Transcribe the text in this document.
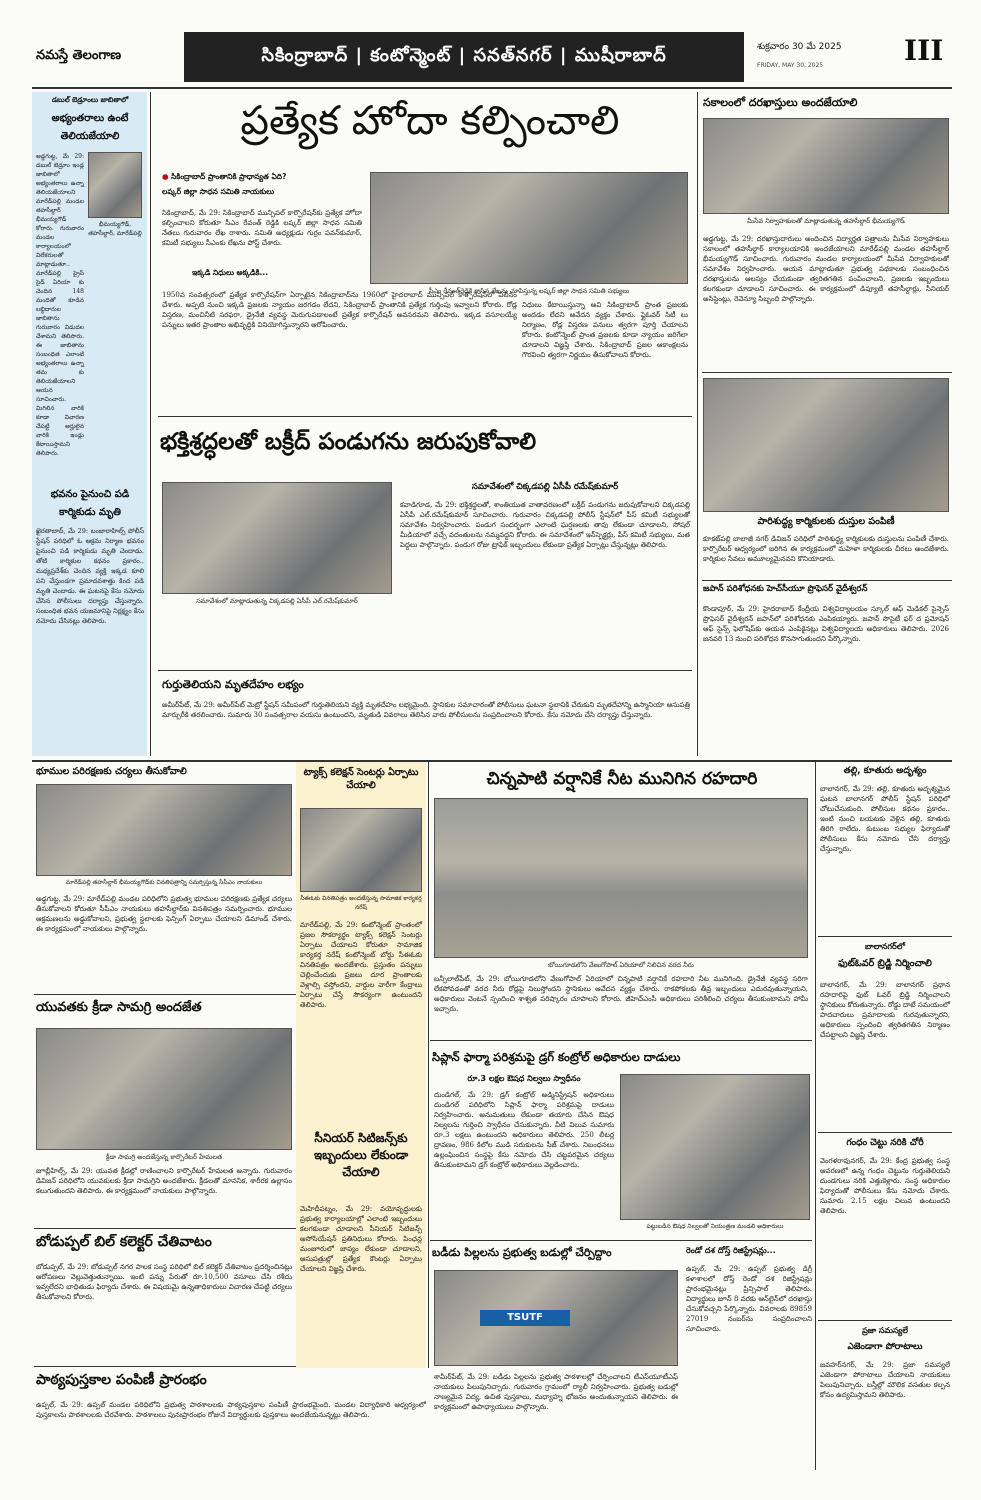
నమస్తే తెలంగాణ	సికింద్రాబాద్ | కంటోన్మెంట్ | సనత్‌నగర్ | ముషీరాబాద్	శుక్రవారం 30 మే 2025
FRIDAY, MAY 30, 2025	III
డబుల్ బెడ్రూంలు జాబితాలో
అభ్యంతరాలు ఉంటే
తెలియజేయాలి
భీమయ్యగౌడ్, తహసీల్దార్, మారేడ్‌పల్లి
అడ్డగుట్ట, మే 29: డబుల్ బెడ్రూం ఇండ్ల జాబితాలో అభ్యంతరాలు ఉన్నా తెలియజేయాలని మారేడ్‌పల్లి మండల తహసీల్దార్ భీమయ్యగౌడ్ కోరారు. గురువారం మండల కార్యాలయంలో విలేకరులతో మాట్లాడుతూ.. మారేడ్‌పల్లి ప్రైస్ సైడ్ ఏరియా కు చెందిన 148 మందితో కూడిన లబ్ధిదారుల జాబితాను గురువారం విడుదల చేశామని తెలిపారు. ఈ జాబితాను సంబంధిత ఎలాంటి అభ్యంతరాలు ఉన్నా తమ కు తెలియజేయాలని ఆయన సూచించారు. మిగిలిన వారికి కూడా విచారణ చేపట్టి అర్హులైన వారికి ఇండ్లు కేటాయిస్తామని తెలిపారు.
భవనం పైనుంచి పడి
కార్మికుడు మృతి
ఖైరతాబాద్, మే 29: బంజారాహిల్స్ పోలీస్ స్టేషన్ పరిధిలో ఓ ఆక్రమ నిర్మాణ భవనం పైనుంచి పడి కార్మికుడు మృతి చెందాడు. తోటి కార్మికుల కథనం ప్రకారం.. మధ్యప్రదేశ్‌కు చెందిన వ్యక్తి ఇక్కడ కూలి పని చేస్తుండగా ప్రమాదవశాత్తు కింద పడి మృతి చెందాడు. ఈ ఘటనపై కేసు నమోదు చేసిన పోలీసులు దర్యాప్తు చేస్తున్నారు. సంబంధిత భవన యజమానిపై నిర్లక్ష్యం కేసు నమోదు చేసినట్లు తెలిపారు.
ప్రత్యేక హోదా కల్పించాలి
● సికింద్రాబాద్ ప్రాంతానికి ప్రాధాన్యత ఏది?
లష్కర్ జిల్లా సాధన సమితి నాయకులు
సికింద్రాబాద్, మే 29: సికింద్రాబాద్ మున్సిపల్ కార్పొరేషన్‌కు ప్రత్యేక హోదా కల్పించాలని కోరుతూ సీఎం రేవంత్ రెడ్డికి లష్కర్ జిల్లా సాధన సమితి నేతలు గురువారం లేఖ రాశారు. సమితి అధ్యక్షుడు గుర్రం పవన్‌కుమార్, కమిటీ సభ్యులు సీఎంకు లేఖను పోస్ట్ చేశారు.
ఇక్కడి నిధులు అక్కడికి...
సీఎం రేవంత్‌రెడ్డికి రాసిన లేఖను చూపిస్తున్న లష్కర్ జిల్లా సాధన సమితి సభ్యులు
1950వ సంవత్సరంలో ప్రత్యేక కార్పొరేషన్‌గా ఏర్పాటైన సికింద్రాబాద్‌ను 1960లో హైదరాబాద్ మున్సిపల్ కార్పొరేషన్‌లో విలీనం చేశారు. అప్పటి నుంచి ఇక్కడి ప్రజలకు న్యాయం జరగడం లేదని, సికింద్రాబాద్ ప్రాంతానికి ప్రత్యేక గుర్తింపు ఇవ్వాలని కోరారు. రోడ్ల విస్తరణ, మంచినీటి సరఫరా, డ్రైనేజీ వ్యవస్థ మెరుగుపడాలంటే ప్రత్యేక కార్పొరేషన్ అవసరమని తెలిపారు. ఇక్కడ వసూలయ్యే పన్నులు ఇతర ప్రాంతాల అభివృద్ధికి వినియోగిస్తున్నారని ఆరోపించారు.
నిధులు కేటాయిస్తున్నా అవి సికింద్రాబాద్ ప్రాంత ప్రజలకు అందడం లేదని ఆవేదన వ్యక్తం చేశారు. ఫ్లైఓవర్ సిటీ లు నిర్మాణం, రోడ్ల విస్తరణ పనులు త్వరగా పూర్తి చేయాలని కోరారు. కంటోన్మెంట్ ప్రాంత ప్రజలకు కూడా న్యాయం జరిగేలా చూడాలని విజ్ఞప్తి చేశారు. సికింద్రాబాద్ ప్రజల ఆకాంక్షలను గౌరవించి త్వరగా నిర్ణయం తీసుకోవాలని కోరారు.
సకాలంలో దరఖాస్తులు అందజేయాలి
మీసేవ నిర్వాహకులతో మాట్లాడుతున్న తహసీల్దార్ భీమయ్యగౌడ్
అడ్డగుట్ట, మే 29: దరఖాస్తుదారులు అందించిన విద్యార్హత పత్రాలను మీసేవ నిర్వాహకులు సకాలంలో తహసీల్దార్ కార్యాలయానికి అందజేయాలని మారేడ్‌పల్లి మండల తహసీల్దార్ భీమయ్యగౌడ్ సూచించారు. గురువారం మండల కార్యాలయంలో మీసేవ నిర్వాహకులతో సమావేశం నిర్వహించారు. ఆయన మాట్లాడుతూ ప్రభుత్వ పథకాలకు సంబంధించిన దరఖాస్తులను ఆలస్యం చేయకుండా త్వరితగతిన పంపించాలని, ప్రజలకు ఇబ్బందులు కలగకుండా చూడాలని సూచించారు. ఈ కార్యక్రమంలో డిప్యూటీ తహసీల్దార్లు, సీనియర్ అసిస్టెంట్లు, రెవెన్యూ సిబ్బంది పాల్గొన్నారు.
పారిశుద్ధ్య కార్మికులకు దుస్తుల పంపిణీ
కూకట్‌పల్లి బాలాజీ నగర్ డివిజన్ పరిధిలో పారిశుద్ధ్య కార్మికులకు దుస్తులను పంపిణీ చేశారు. కార్పొరేటర్ ఆధ్వర్యంలో జరిగిన ఈ కార్యక్రమంలో మహిళా కార్మికులకు చీరలు అందజేశారు. కార్మికుల సేవలు అమూల్యమైనవని కొనియాడారు.
జపాన్ పరిశోధనకు హెచ్‌సీయూ ప్రొఫెసర్ వైదీశ్వరన్
కొండాపూర్, మే 29: హైదరాబాద్ కేంద్రీయ విశ్వవిద్యాలయం స్కూల్ ఆఫ్ మెడికల్ సైన్సెస్ ప్రొఫెసర్ వైదీశ్వరన్ జపాన్‌లో పరిశోధనకు ఎంపికయ్యారు. జపాన్ సొసైటీ ఫర్ ద ప్రమోషన్ ఆఫ్ సైన్స్ ఫెలోషిప్‌కు ఆయన ఎంపికైనట్లు విశ్వవిద్యాలయ అధికారులు తెలిపారు. 2026 జనవరి 13 నుంచి పరిశోధన కొనసాగుతుందని పేర్కొన్నారు.
భక్తిశ్రద్ధలతో బక్రీద్ పండుగను జరుపుకోవాలి
సమావేశంలో మాట్లాడుతున్న చిక్కడపల్లి ఏసీపీ ఎల్.రమేష్‌కుమార్
సమావేశంలో చిక్కడపల్లి ఏసీపీ రమేష్‌కుమార్
కవాడిగూడ, మే 29: భక్తిశ్రద్ధలతో, శాంతియుత వాతావరణంలో బక్రీద్ పండుగను జరుపుకోవాలని చిక్కడపల్లి ఏసీపీ ఎల్.రమేష్‌కుమార్ సూచించారు. గురువారం చిక్కడపల్లి పోలీస్ స్టేషన్‌లో పీస్ కమిటీ సభ్యులతో సమావేశం నిర్వహించారు. పండుగ సందర్భంగా ఎలాంటి ఘర్షణలకు తావు లేకుండా చూడాలని, సోషల్ మీడియాలో వచ్చే వదంతులను నమ్మవద్దని కోరారు. ఈ సమావేశంలో ఇన్‌స్పెక్టర్లు, పీస్ కమిటీ సభ్యులు, మత పెద్దలు పాల్గొన్నారు. పండుగ రోజు ట్రాఫిక్ ఇబ్బందులు లేకుండా ప్రత్యేక ఏర్పాట్లు చేస్తున్నట్లు తెలిపారు.
గుర్తుతెలియని మృతదేహం లభ్యం
అమీర్‌పేట్, మే 29: అమీర్‌పేట్ మెట్రో స్టేషన్ సమీపంలో గుర్తుతెలియని వ్యక్తి మృతదేహం లభ్యమైంది. స్థానికుల సమాచారంతో పోలీసులు ఘటనా స్థలానికి చేరుకుని మృతదేహాన్ని ఉస్మానియా ఆసుపత్రి మార్చురీకి తరలించారు. సుమారు 30 సంవత్సరాల వయసు ఉంటుందని, మృతుడి వివరాలు తెలిసిన వారు పోలీసులను సంప్రదించాలని కోరారు. కేసు నమోదు చేసి దర్యాప్తు చేస్తున్నారు.
భూముల పరిరక్షణకు చర్యలు తీసుకోవాలి
మారేడ్‌పల్లి తహసీల్దార్ భీమయ్యగౌడ్‌కు వినతిపత్రాన్ని సమర్పిస్తున్న సీపీఎం నాయకులు
అడ్డగుట్ట, మే 29: మారేడ్‌పల్లి మండల పరిధిలోని ప్రభుత్వ భూముల పరిరక్షణకు ప్రత్యేక చర్యలు తీసుకోవాలని కోరుతూ సీపీఎం నాయకులు తహసీల్దార్‌కు వినతిపత్రం సమర్పించారు. భూముల ఆక్రమణలను అడ్డుకోవాలని, ప్రభుత్వ స్థలాలకు ఫెన్సింగ్ ఏర్పాటు చేయాలని డిమాండ్ చేశారు. ఈ కార్యక్రమంలో నాయకులు పాల్గొన్నారు.
యువతకు క్రీడా సామగ్రి అందజేత
క్రీడా సామగ్రి అందజేస్తున్న కార్పొరేటర్ హేమలత
జూబ్లీహిల్స్, మే 29: యువత క్రీడల్లో రాణించాలని కార్పొరేటర్ హేమలత అన్నారు. గురువారం డివిజన్ పరిధిలోని యువకులకు క్రీడా సామగ్రిని అందజేశారు. క్రీడలతో మానసిక, శారీరక ఉల్లాసం కలుగుతుందని తెలిపారు. ఈ కార్యక్రమంలో నాయకులు పాల్గొన్నారు.
బోడుప్పల్ బిల్ కలెక్టర్ చేతివాటం
బోడుప్పల్, మే 29: బోడుప్పల్ నగర పాలక సంస్థ పరిధిలో బిల్ కలెక్టర్ చేతివాటం ప్రదర్శించినట్లు ఆరోపణలు వెల్లువెత్తుతున్నాయి. ఇంటి పన్ను పేరుతో రూ.10,500 వసూలు చేసి రశీదు ఇవ్వలేదని బాధితుడు ఫిర్యాదు చేశారు. ఈ విషయమై ఉన్నతాధికారులు విచారణ చేపట్టి చర్యలు తీసుకోవాలని కోరారు.
పాఠ్యపుస్తకాల పంపిణీ ప్రారంభం
ఉప్పల్, మే 29: ఉప్పల్ మండల పరిధిలోని ప్రభుత్వ పాఠశాలలకు పాఠ్యపుస్తకాల పంపిణీ ప్రారంభమైంది. మండల విద్యాధికారి ఆధ్వర్యంలో పుస్తకాలను పాఠశాలలకు చేరవేశారు. పాఠశాలలు పునఃప్రారంభం రోజునే విద్యార్థులకు పుస్తకాలు అందజేయనున్నట్లు తెలిపారు.
ట్యాక్స్ కలెక్షన్ సెంటర్లు ఏర్పాటు చేయాలి
సీఈఓకు వినతిపత్రం అందజేస్తున్న సామాజిక కార్యకర్త నరేష్
మారేడ్‌పల్లి, మే 29: కంటోన్మెంట్ ప్రాంతంలో ప్రజల సౌకర్యార్థం ట్యాక్స్ కలెక్షన్ సెంటర్లు ఏర్పాటు చేయాలని కోరుతూ సామాజిక కార్యకర్త నరేష్ కంటోన్మెంట్ బోర్డు సీఈఓకు వినతిపత్రం అందజేశారు. ప్రస్తుతం పన్నులు చెల్లించేందుకు ప్రజలు దూర ప్రాంతాలకు వెళ్లాల్సి వస్తోందని, వార్డుల వారీగా కేంద్రాలు ఏర్పాటు చేస్తే సౌకర్యంగా ఉంటుందని తెలిపారు.
సీనియర్ సిటిజన్స్‌కు ఇబ్బందులు లేకుండా చేయాలి
మెహిదీపట్నం, మే 29: వయోవృద్ధులకు ప్రభుత్వ కార్యాలయాల్లో ఎలాంటి ఇబ్బందులు కలగకుండా చూడాలని సీనియర్ సిటిజన్స్ అసోసియేషన్ ప్రతినిధులు కోరారు. పింఛన్ల మంజూరులో జాప్యం లేకుండా చూడాలని, ఆసుపత్రుల్లో ప్రత్యేక కౌంటర్లు ఏర్పాటు చేయాలని విజ్ఞప్తి చేశారు.
చిన్నపాటి వర్షానికే నీట మునిగిన రహదారి
బోయిగూడలోని వేణుగోపాల్ ఏరియాలో నిలిచిన వరద నీరు
బన్సీలాల్‌పేట్, మే 29: బోయిగూడలోని వేణుగోపాల్ ఏరియాలో చిన్నపాటి వర్షానికే రహదారి నీట మునిగింది. డ్రైనేజీ వ్యవస్థ సరిగా లేకపోవడంతో వరద నీరు రోడ్లపై నిలుస్తోందని స్థానికులు ఆవేదన వ్యక్తం చేశారు. రాకపోకలకు తీవ్ర ఇబ్బందులు ఎదురవుతున్నాయని, అధికారులు వెంటనే స్పందించి శాశ్వత పరిష్కారం చూపాలని కోరారు. జీహెచ్‌ఎంసీ అధికారులు పరిశీలించి చర్యలు తీసుకుంటామని హామీ ఇచ్చారు.
సిప్లాన్ ఫార్మా పరిశ్రమపై డ్రగ్ కంట్రోల్ అధికారుల దాడులు
రూ.3 లక్షల ఔషధ నిల్వలు స్వాధీనం
దుండిగల్, మే 29: డ్రగ్ కంట్రోల్ అడ్మినిస్ట్రేషన్ అధికారులు దుండిగల్ పరిధిలోని సిప్లాన్ ఫార్మా పరిశ్రమపై దాడులు నిర్వహించారు. అనుమతులు లేకుండా తయారు చేసిన ఔషధ నిల్వలను గుర్తించి స్వాధీనం చేసుకున్నారు. వీటి విలువ సుమారు రూ.3 లక్షలు ఉంటుందని అధికారులు తెలిపారు. 250 లీటర్ల ద్రావణం, 986 కిలోల ముడి సరుకులను సీజ్ చేశారు. నిబంధనలు ఉల్లంఘించిన సంస్థపై కేసు నమోదు చేసి చట్టపరమైన చర్యలు తీసుకుంటామని డ్రగ్ కంట్రోల్ అధికారులు వెల్లడించారు.
పట్టుబడిన ఔషధ నిల్వలతో నియంత్రణ మండలి అధికారులు
బడీడు పిల్లలను ప్రభుత్వ బడుల్లో చేర్పిద్దాం
TSUTF
శామీర్‌పేట్, మే 29: బడీడు పిల్లలను ప్రభుత్వ పాఠశాలల్లో చేర్పించాలని టీఎస్‌యూటీఎఫ్ నాయకులు పిలుపునిచ్చారు. గురువారం గ్రామంలో ర్యాలీ నిర్వహించారు. ప్రభుత్వ బడుల్లో నాణ్యమైన విద్య, ఉచిత పుస్తకాలు, మధ్యాహ్న భోజనం అందుతున్నాయని తెలిపారు. ఈ కార్యక్రమంలో ఉపాధ్యాయులు పాల్గొన్నారు.
రెండో దశ దోస్త్ రిజిస్ట్రేషన్లు...
ఉప్పల్, మే 29: ఉప్పల్ ప్రభుత్వ డిగ్రీ కళాశాలలో దోస్త్ రెండో దశ రిజిస్ట్రేషన్లు ప్రారంభమైనట్లు ప్రిన్సిపాల్ తెలిపారు. విద్యార్థులు జూన్ 8 వరకు ఆన్‌లైన్‌లో దరఖాస్తు చేసుకోవచ్చని పేర్కొన్నారు. వివరాలకు 89859 27019 నంబర్‌ను సంప్రదించాలని సూచించారు.
తల్లి, కూతురు అదృశ్యం
బాలానగర్, మే 29: తల్లి, కూతురు అదృశ్యమైన ఘటన బాలానగర్ పోలీస్ స్టేషన్ పరిధిలో చోటుచేసుకుంది. పోలీసుల కథనం ప్రకారం.. ఇంటి నుంచి బయటకు వెళ్లిన తల్లి, కూతురు తిరిగి రాలేదు. కుటుంబ సభ్యుల ఫిర్యాదుతో పోలీసులు కేసు నమోదు చేసి దర్యాప్తు చేస్తున్నారు.
బాలానగర్‌లో
ఫుట్‌ఓవర్ బ్రిడ్జి నిర్మించాలి
బాలానగర్, మే 29: బాలానగర్ ప్రధాన రహదారిపై ఫుట్ ఓవర్ బ్రిడ్జి నిర్మించాలని స్థానికులు కోరుతున్నారు. రోడ్డు దాటే సమయంలో పాదచారులు ప్రమాదాలకు గురవుతున్నారని, అధికారులు స్పందించి త్వరితగతిన నిర్మాణం చేపట్టాలని విజ్ఞప్తి చేశారు.
గంధం చెట్టు నరికి చోరీ
వెంగళరావునగర్, మే 29: కేంద్ర ప్రభుత్వ సంస్థ ఆవరణలో ఉన్న గంధం చెట్టును గుర్తుతెలియని దుండగులు నరికి ఎత్తుకెళ్లారు. సంస్థ అధికారుల ఫిర్యాదుతో పోలీసులు కేసు నమోదు చేశారు. సుమారు 2.15 లక్షల విలువ ఉంటుందని తెలిపారు.
ప్రజా సమస్యలే
ఎజెండాగా పోరాటాలు
జవహర్‌నగర్, మే 29: ప్రజా సమస్యలే ఎజెండాగా పోరాటాలు చేయాలని నాయకులు పిలుపునిచ్చారు. బస్తీల్లో మౌలిక వసతుల కల్పన కోసం ఉద్యమిస్తామని తెలిపారు.
